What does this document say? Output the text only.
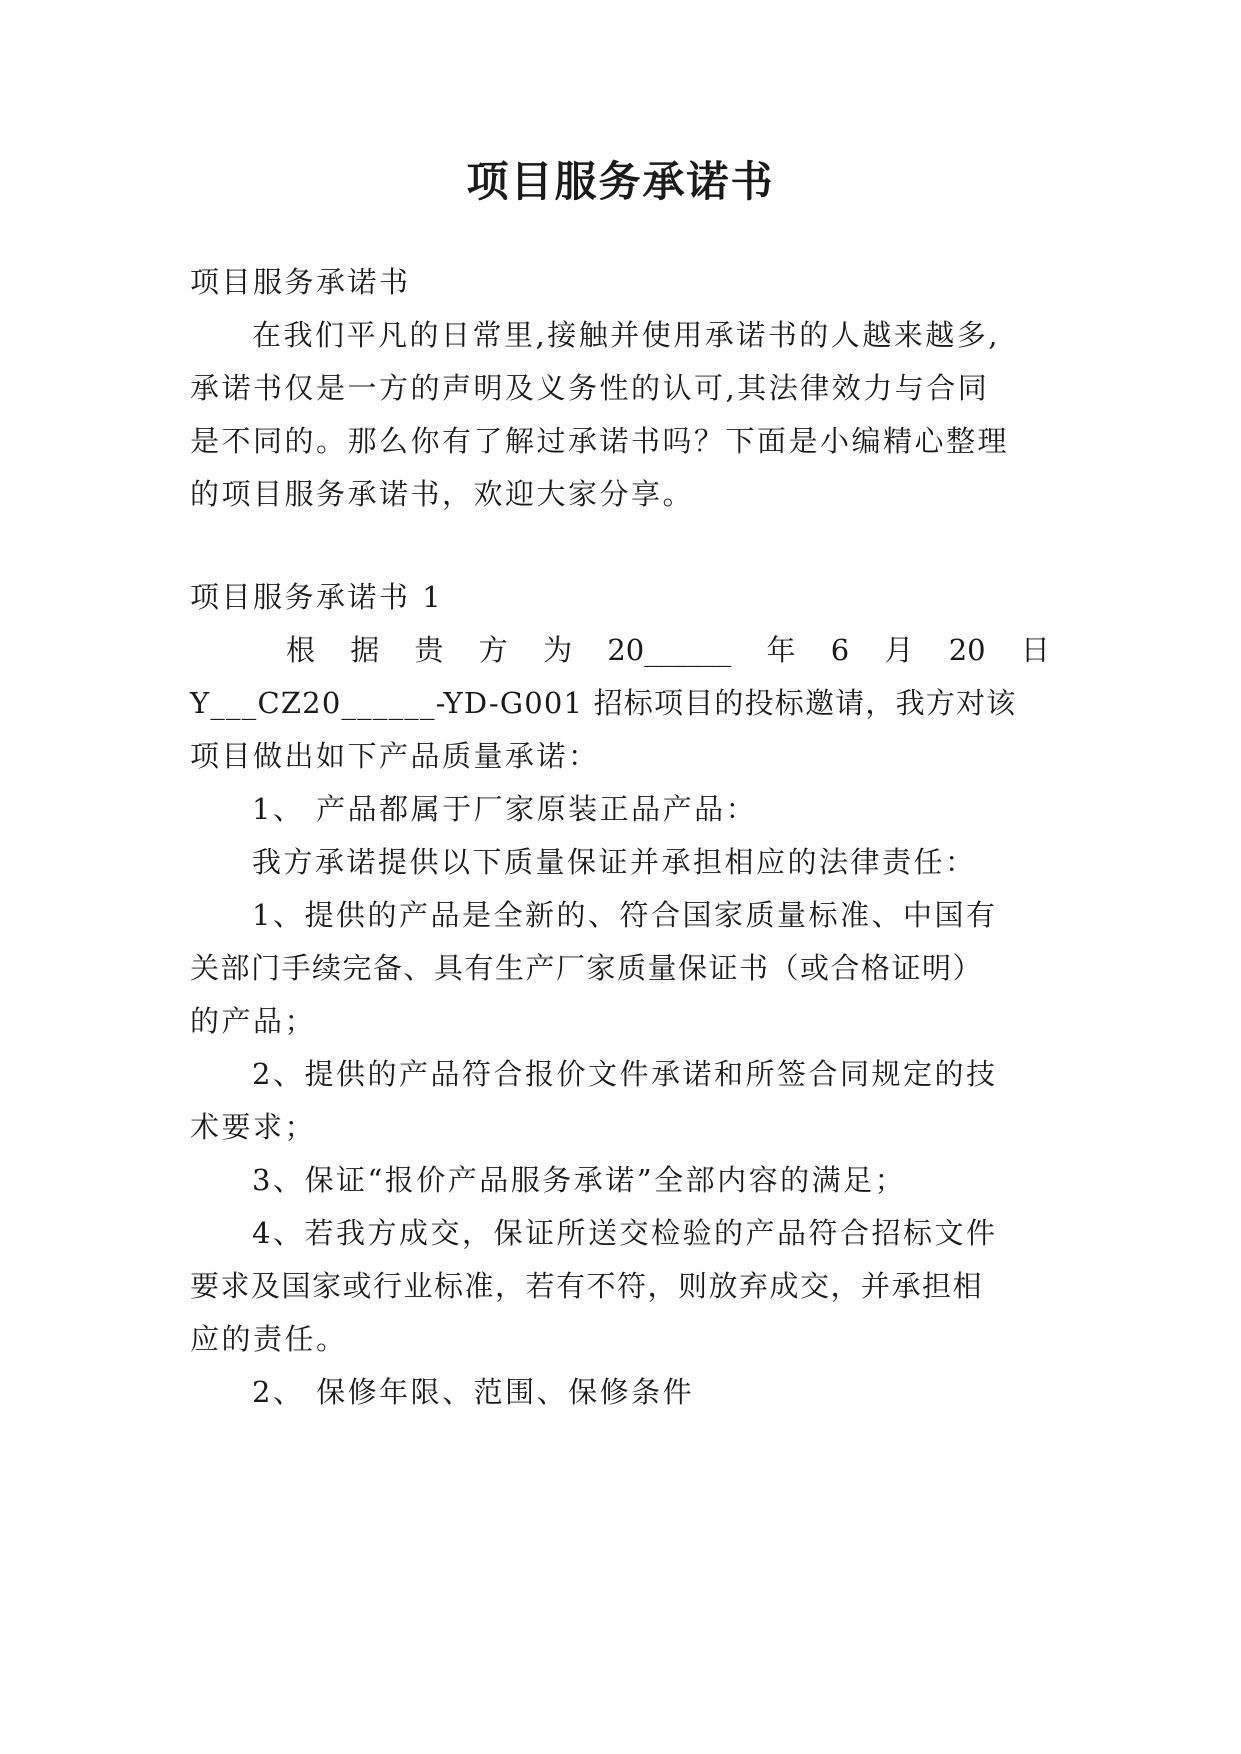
项目服务承诺书
项目服务承诺书
在我们平凡的日常里,接触并使用承诺书的人越来越多,
承诺书仅是一方的声明及义务性的认可,其法律效力与合同
是不同的。那么你有了解过承诺书吗？下面是小编精心整理
的项目服务承诺书，欢迎大家分享。
项目服务承诺书 1
根 据 贵 方 为 20______ 年 6 月 20 日
Y___CZ20______-YD-G001 招标项目的投标邀请，我方对该
项目做出如下产品质量承诺：
1、 产品都属于厂家原装正品产品：
我方承诺提供以下质量保证并承担相应的法律责任：
1、提供的产品是全新的、符合国家质量标准、中国有
关部门手续完备、具有生产厂家质量保证书（或合格证明）
的产品；
2、提供的产品符合报价文件承诺和所签合同规定的技
术要求；
3、保证“报价产品服务承诺”全部内容的满足；
4、若我方成交，保证所送交检验的产品符合招标文件
要求及国家或行业标准，若有不符，则放弃成交，并承担相
应的责任。
2、 保修年限、范围、保修条件
